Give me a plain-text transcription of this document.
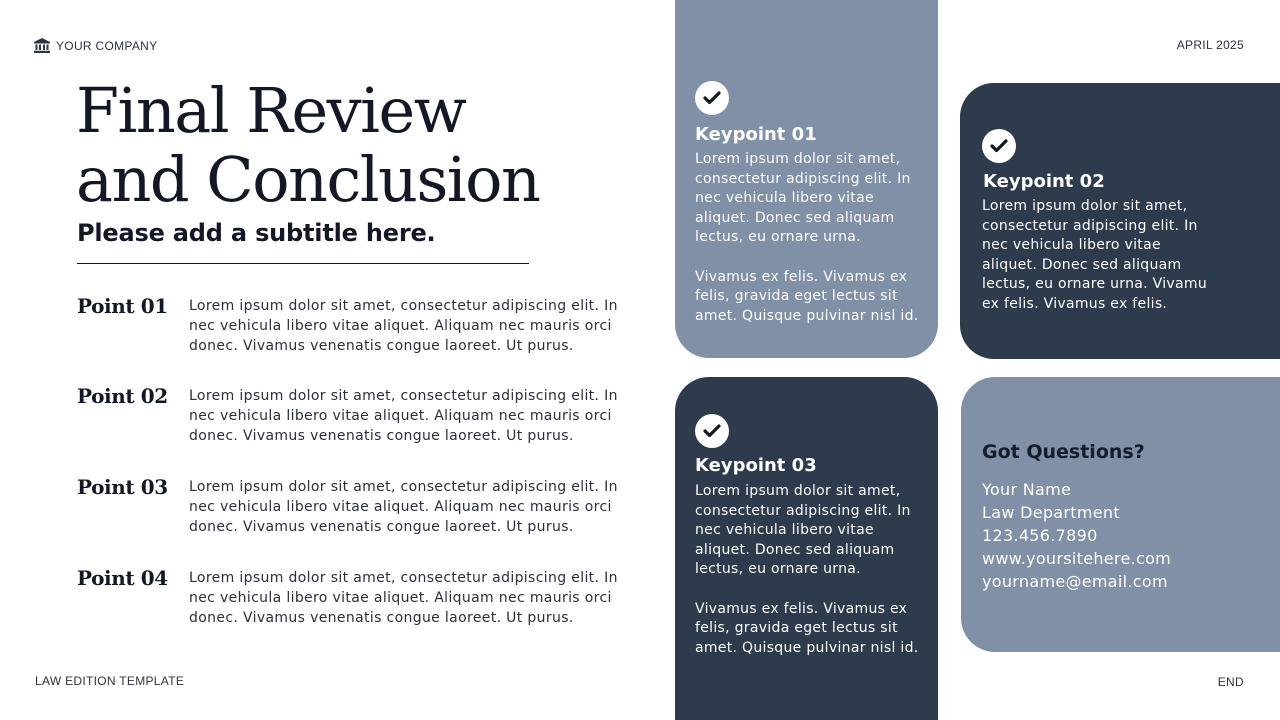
YOUR COMPANY	APRIL 2025
Final Review
and Conclusion
Please add a subtitle here.
Point 01 Lorem ipsum dolor sit amet, consectetur adipiscing elit. In nec vehicula libero vitae aliquet. Aliquam nec mauris orci donec. Vivamus venenatis congue laoreet. Ut purus.
Point 02 Lorem ipsum dolor sit amet, consectetur adipiscing elit. In nec vehicula libero vitae aliquet. Aliquam nec mauris orci donec. Vivamus venenatis congue laoreet. Ut purus.
Point 03 Lorem ipsum dolor sit amet, consectetur adipiscing elit. In nec vehicula libero vitae aliquet. Aliquam nec mauris orci donec. Vivamus venenatis congue laoreet. Ut purus.
Point 04 Lorem ipsum dolor sit amet, consectetur adipiscing elit. In nec vehicula libero vitae aliquet. Aliquam nec mauris orci donec. Vivamus venenatis congue laoreet. Ut purus.
Keypoint 01
Lorem ipsum dolor sit amet,
consectetur adipiscing elit. In
nec vehicula libero vitae
aliquet. Donec sed aliquam
lectus, eu ornare urna.

Vivamus ex felis. Vivamus ex
felis, gravida eget lectus sit
amet. Quisque pulvinar nisl id.
Keypoint 02
Lorem ipsum dolor sit amet,
consectetur adipiscing elit. In
nec vehicula libero vitae
aliquet. Donec sed aliquam
lectus, eu ornare urna. Vivamu
ex felis. Vivamus ex felis.
Keypoint 03
Lorem ipsum dolor sit amet,
consectetur adipiscing elit. In
nec vehicula libero vitae
aliquet. Donec sed aliquam
lectus, eu ornare urna.

Vivamus ex felis. Vivamus ex
felis, gravida eget lectus sit
amet. Quisque pulvinar nisl id.
Got Questions?
Your Name
Law Department
123.456.7890
www.yoursitehere.com
yourname@email.com
LAW EDITION TEMPLATE	END
